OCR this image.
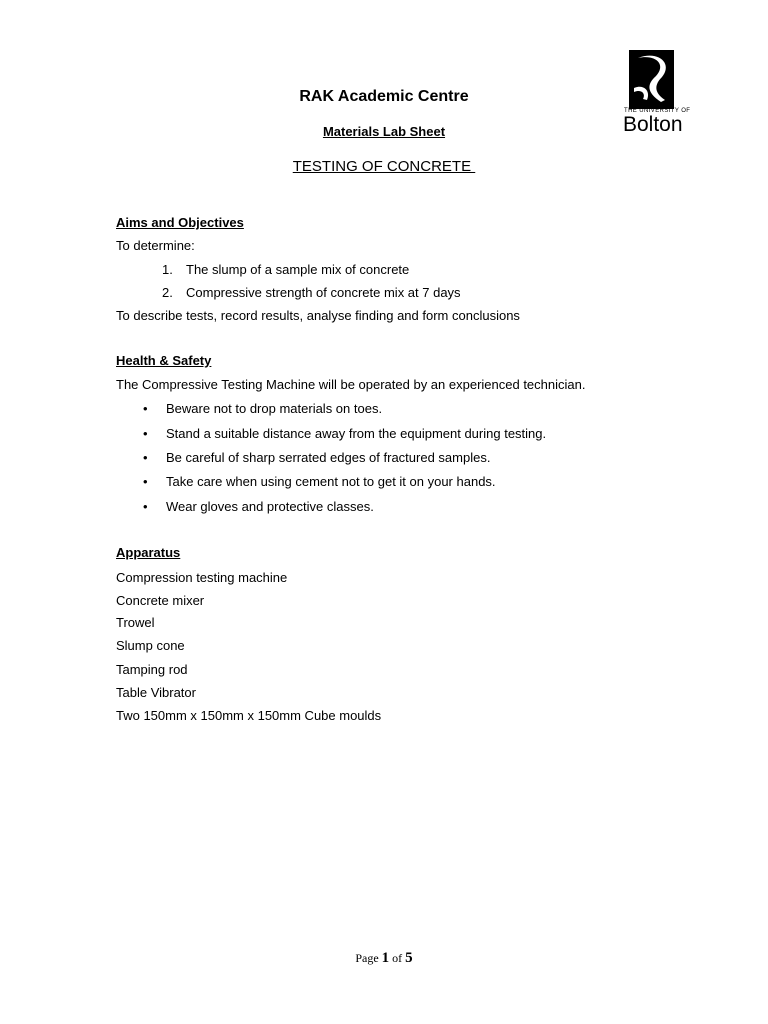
THE UNIVERSITY OF
Bolton
RAK Academic Centre
Materials Lab Sheet
TESTING OF CONCRETE
Aims and Objectives
To determine:
1. The slump of a sample mix of concrete
2. Compressive strength of concrete mix at 7 days
To describe tests, record results, analyse finding and form conclusions
Health & Safety
The Compressive Testing Machine will be operated by an experienced technician.
• Beware not to drop materials on toes.
• Stand a suitable distance away from the equipment during testing.
• Be careful of sharp serrated edges of fractured samples.
• Take care when using cement not to get it on your hands.
• Wear gloves and protective classes.
Apparatus
Compression testing machine
Concrete mixer
Trowel
Slump cone
Tamping rod
Table Vibrator
Two 150mm x 150mm x 150mm Cube moulds
Page 1 of 5
